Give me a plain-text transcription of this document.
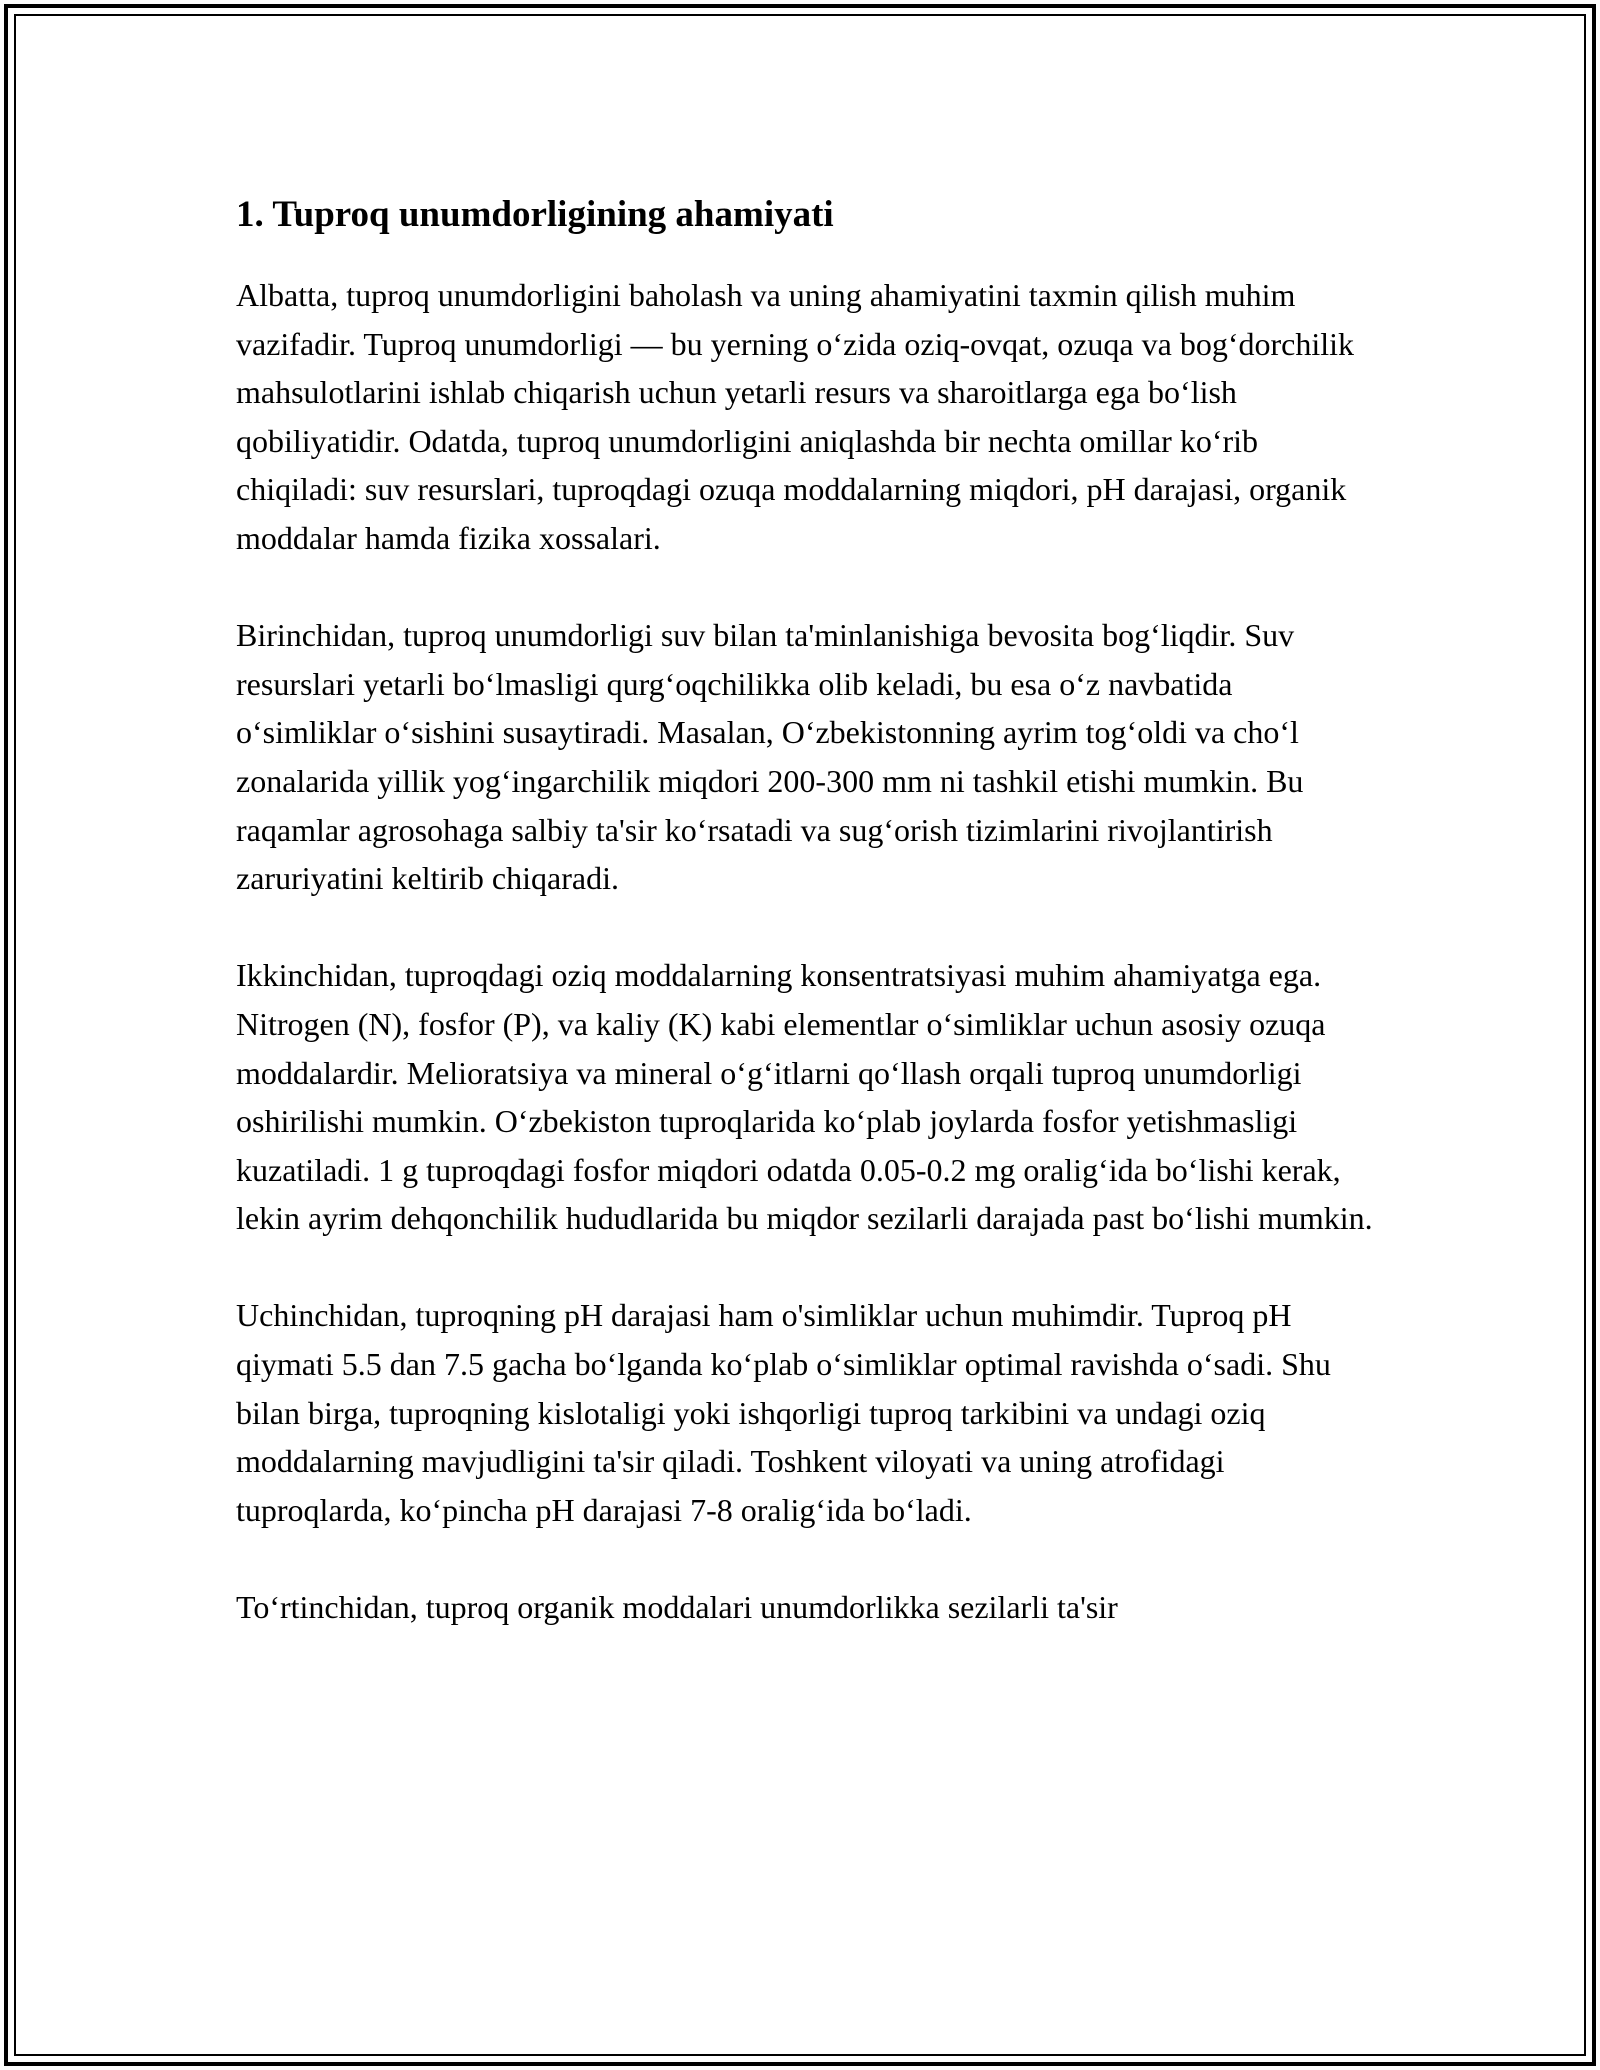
1. Tuproq unumdorligining ahamiyati

Albatta, tuproq unumdorligini baholash va uning ahamiyatini taxmin qilish muhim vazifadir. Tuproq unumdorligi — bu yerning o‘zida oziq-ovqat, ozuqa va bog‘dorchilik mahsulotlarini ishlab chiqarish uchun yetarli resurs va sharoitlarga ega bo‘lish qobiliyatidir. Odatda, tuproq unumdorligini aniqlashda bir nechta omillar ko‘rib chiqiladi: suv resurslari, tuproqdagi ozuqa moddalarning miqdori, pH darajasi, organik moddalar hamda fizika xossalari.

Birinchidan, tuproq unumdorligi suv bilan ta'minlanishiga bevosita bog‘liqdir. Suv resurslari yetarli bo‘lmasligi qurg‘oqchilikka olib keladi, bu esa o‘z navbatida o‘simliklar o‘sishini susaytiradi. Masalan, O‘zbekistonning ayrim tog‘oldi va cho‘l zonalarida yillik yog‘ingarchilik miqdori 200-300 mm ni tashkil etishi mumkin. Bu raqamlar agrosohaga salbiy ta'sir ko‘rsatadi va sug‘orish tizimlarini rivojlantirish zaruriyatini keltirib chiqaradi.

Ikkinchidan, tuproqdagi oziq moddalarning konsentratsiyasi muhim ahamiyatga ega. Nitrogen (N), fosfor (P), va kaliy (K) kabi elementlar o‘simliklar uchun asosiy ozuqa moddalardir. Melioratsiya va mineral o‘g‘itlarni qo‘llash orqali tuproq unumdorligi oshirilishi mumkin. O‘zbekiston tuproqlarida ko‘plab joylarda fosfor yetishmasligi kuzatiladi. 1 g tuproqdagi fosfor miqdori odatda 0.05-0.2 mg oralig‘ida bo‘lishi kerak, lekin ayrim dehqonchilik hududlarida bu miqdor sezilarli darajada past bo‘lishi mumkin.

Uchinchidan, tuproqning pH darajasi ham o'simliklar uchun muhimdir. Tuproq pH qiymati 5.5 dan 7.5 gacha bo‘lganda ko‘plab o‘simliklar optimal ravishda o‘sadi. Shu bilan birga, tuproqning kislotaligi yoki ishqorligi tuproq tarkibini va undagi oziq moddalarning mavjudligini ta'sir qiladi. Toshkent viloyati va uning atrofidagi tuproqlarda, ko‘pincha pH darajasi 7-8 oralig‘ida bo‘ladi.

To‘rtinchidan, tuproq organik moddalari unumdorlikka sezilarli ta'sir
